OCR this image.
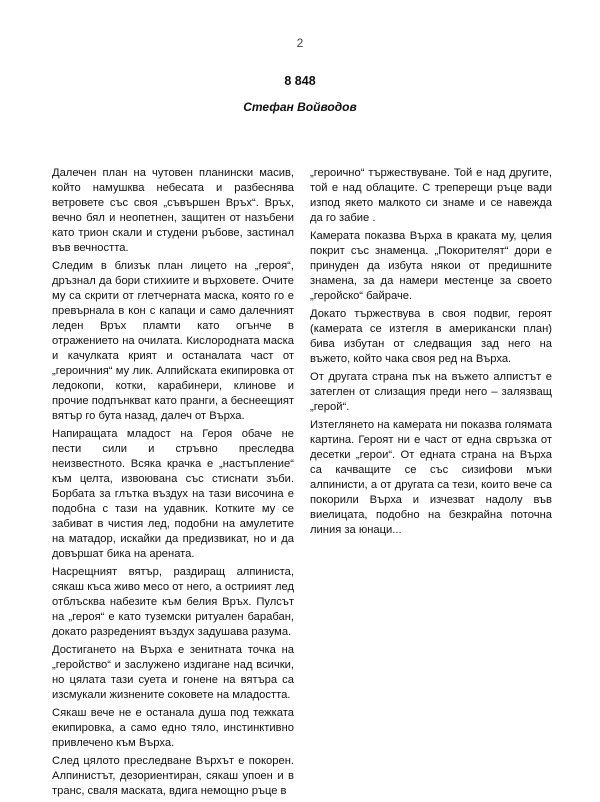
2
8 848
Стефан Войводов

Далечен план на чутовен планински масив, който намушква небесата и разбеснява ветровете със своя „съвършен Връх“. Връх, вечно бял и неопетнен, защитен от назъбени като трион скали и студени ръбове, застинал във вечността.

Следим в близък план лицето на „героя“, дръзнал да бори стихиите и върховете. Очите му са скрити от глетчерната маска, която го е превърнала в кон с капаци и само далечният леден Връх пламти като огънче в отражението на очилата. Кислородната маска и качулката крият и останалата част от „героичния“ му лик. Алпийската екипировка от ледокопи, котки, карабинери, клинове и прочие подпънкват като пранги, а беснеещият вятър го бута назад, далеч от Върха.

Напиращата младост на Героя обаче не пести сили и стръвно преследва неизвестното. Всяка крачка е „настъпление“ към целта, извоювана със стиснати зъби. Борбата за глътка въздух на тази височина е подобна с тази на удавник. Котките му се забиват в чистия лед, подобни на амулетите на матадор, искайки да предизвикат, но и да довършат бика на арената.

Насрещният вятър, раздиращ алпиниста, сякаш къса живо месо от него, а остриият лед отблъсква набезите към белия Връх. Пулсът на „героя“ е като туземски ритуален барабан, докато разреденият въздух задушава разума.

Достигането на Върха е зенитната точка на „геройство“ и заслужено издигане над всички, но цялата тази суета и гонене на вятъра са изсмукали жизнените соковете на младостта.

Сякаш вече не е останала душа под тежката екипировка, а само едно тяло, инстинктивно привлечено към Върха.

След цялото преследване Върхът е покорен. Алпинистът, дезориентиран, сякаш упоен и в транс, сваля маската, вдига немощно ръце в

„героично“ тържествуване. Той е над другите, той е над облаците. С треперещи ръце вади изпод якето малкото си знаме и се навежда да го забие .

Камерата показва Върха в краката му, целия покрит със знаменца. „Покорителят“ дори е принуден да избута някои от предишните знамена, за да намери местенце за своето „геройско“ байраче.

Докато тържествува в своя подвиг, героят (камерата се изтегля в американски план) бива избутан от следващия зад него на въжето, който чака своя ред на Върха.

От другата страна пък на въжето алпистът е затеглен от слизащия преди него – залязващ „герой“.

Изтеглянето на камерата ни показва голямата картина. Героят ни е част от една свръзка от десетки „герои“. От едната страна на Върха са качващите се със сизифови мъки алпинисти, а от другата са тези, които вече са покорили Върха и изчезват надолу във виелицата, подобно на безкрайна поточна линия за юнаци...
